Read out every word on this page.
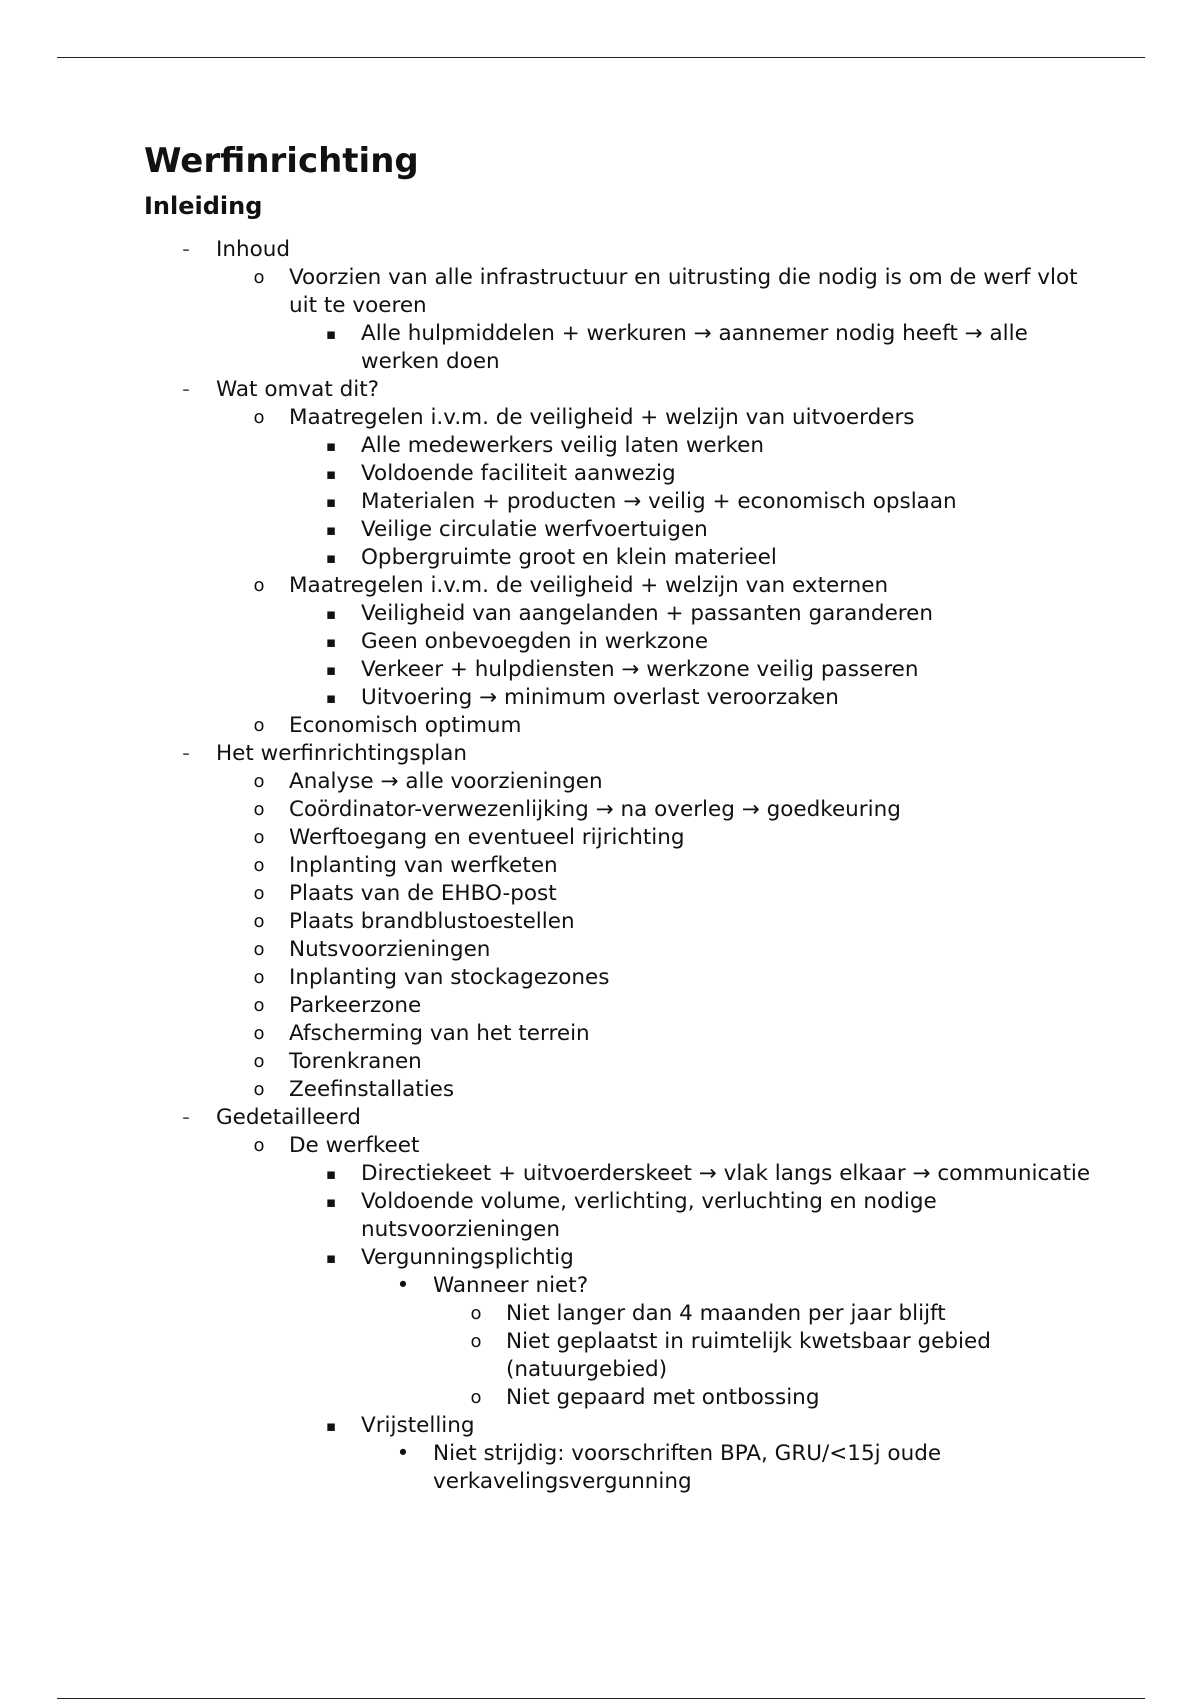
Werfinrichting
Inleiding
-	Inhoud
o	Voorzien van alle infrastructuur en uitrusting die nodig is om de werf vlot uit te voeren
▪	Alle hulpmiddelen + werkuren → aannemer nodig heeft → alle werken doen
-	Wat omvat dit?
o	Maatregelen i.v.m. de veiligheid + welzijn van uitvoerders
▪	Alle medewerkers veilig laten werken
▪	Voldoende faciliteit aanwezig
▪	Materialen + producten → veilig + economisch opslaan
▪	Veilige circulatie werfvoertuigen
▪	Opbergruimte groot en klein materieel
o	Maatregelen i.v.m. de veiligheid + welzijn van externen
▪	Veiligheid van aangelanden + passanten garanderen
▪	Geen onbevoegden in werkzone
▪	Verkeer + hulpdiensten → werkzone veilig passeren
▪	Uitvoering → minimum overlast veroorzaken
o	Economisch optimum
-	Het werfinrichtingsplan
o	Analyse → alle voorzieningen
o	Coördinator-verwezenlijking → na overleg → goedkeuring
o	Werftoegang en eventueel rijrichting
o	Inplanting van werfketen
o	Plaats van de EHBO-post
o	Plaats brandblustoestellen
o	Nutsvoorzieningen
o	Inplanting van stockagezones
o	Parkeerzone
o	Afscherming van het terrein
o	Torenkranen
o	Zeefinstallaties
-	Gedetailleerd
o	De werfkeet
▪	Directiekeet + uitvoerderskeet → vlak langs elkaar → communicatie
▪	Voldoende volume, verlichting, verluchting en nodige nutsvoorzieningen
▪	Vergunningsplichtig
•	Wanneer niet?
o	Niet langer dan 4 maanden per jaar blijft
o	Niet geplaatst in ruimtelijk kwetsbaar gebied (natuurgebied)
o	Niet gepaard met ontbossing
▪	Vrijstelling
•	Niet strijdig: voorschriften BPA, GRU/<15j oude verkavelingsvergunning
